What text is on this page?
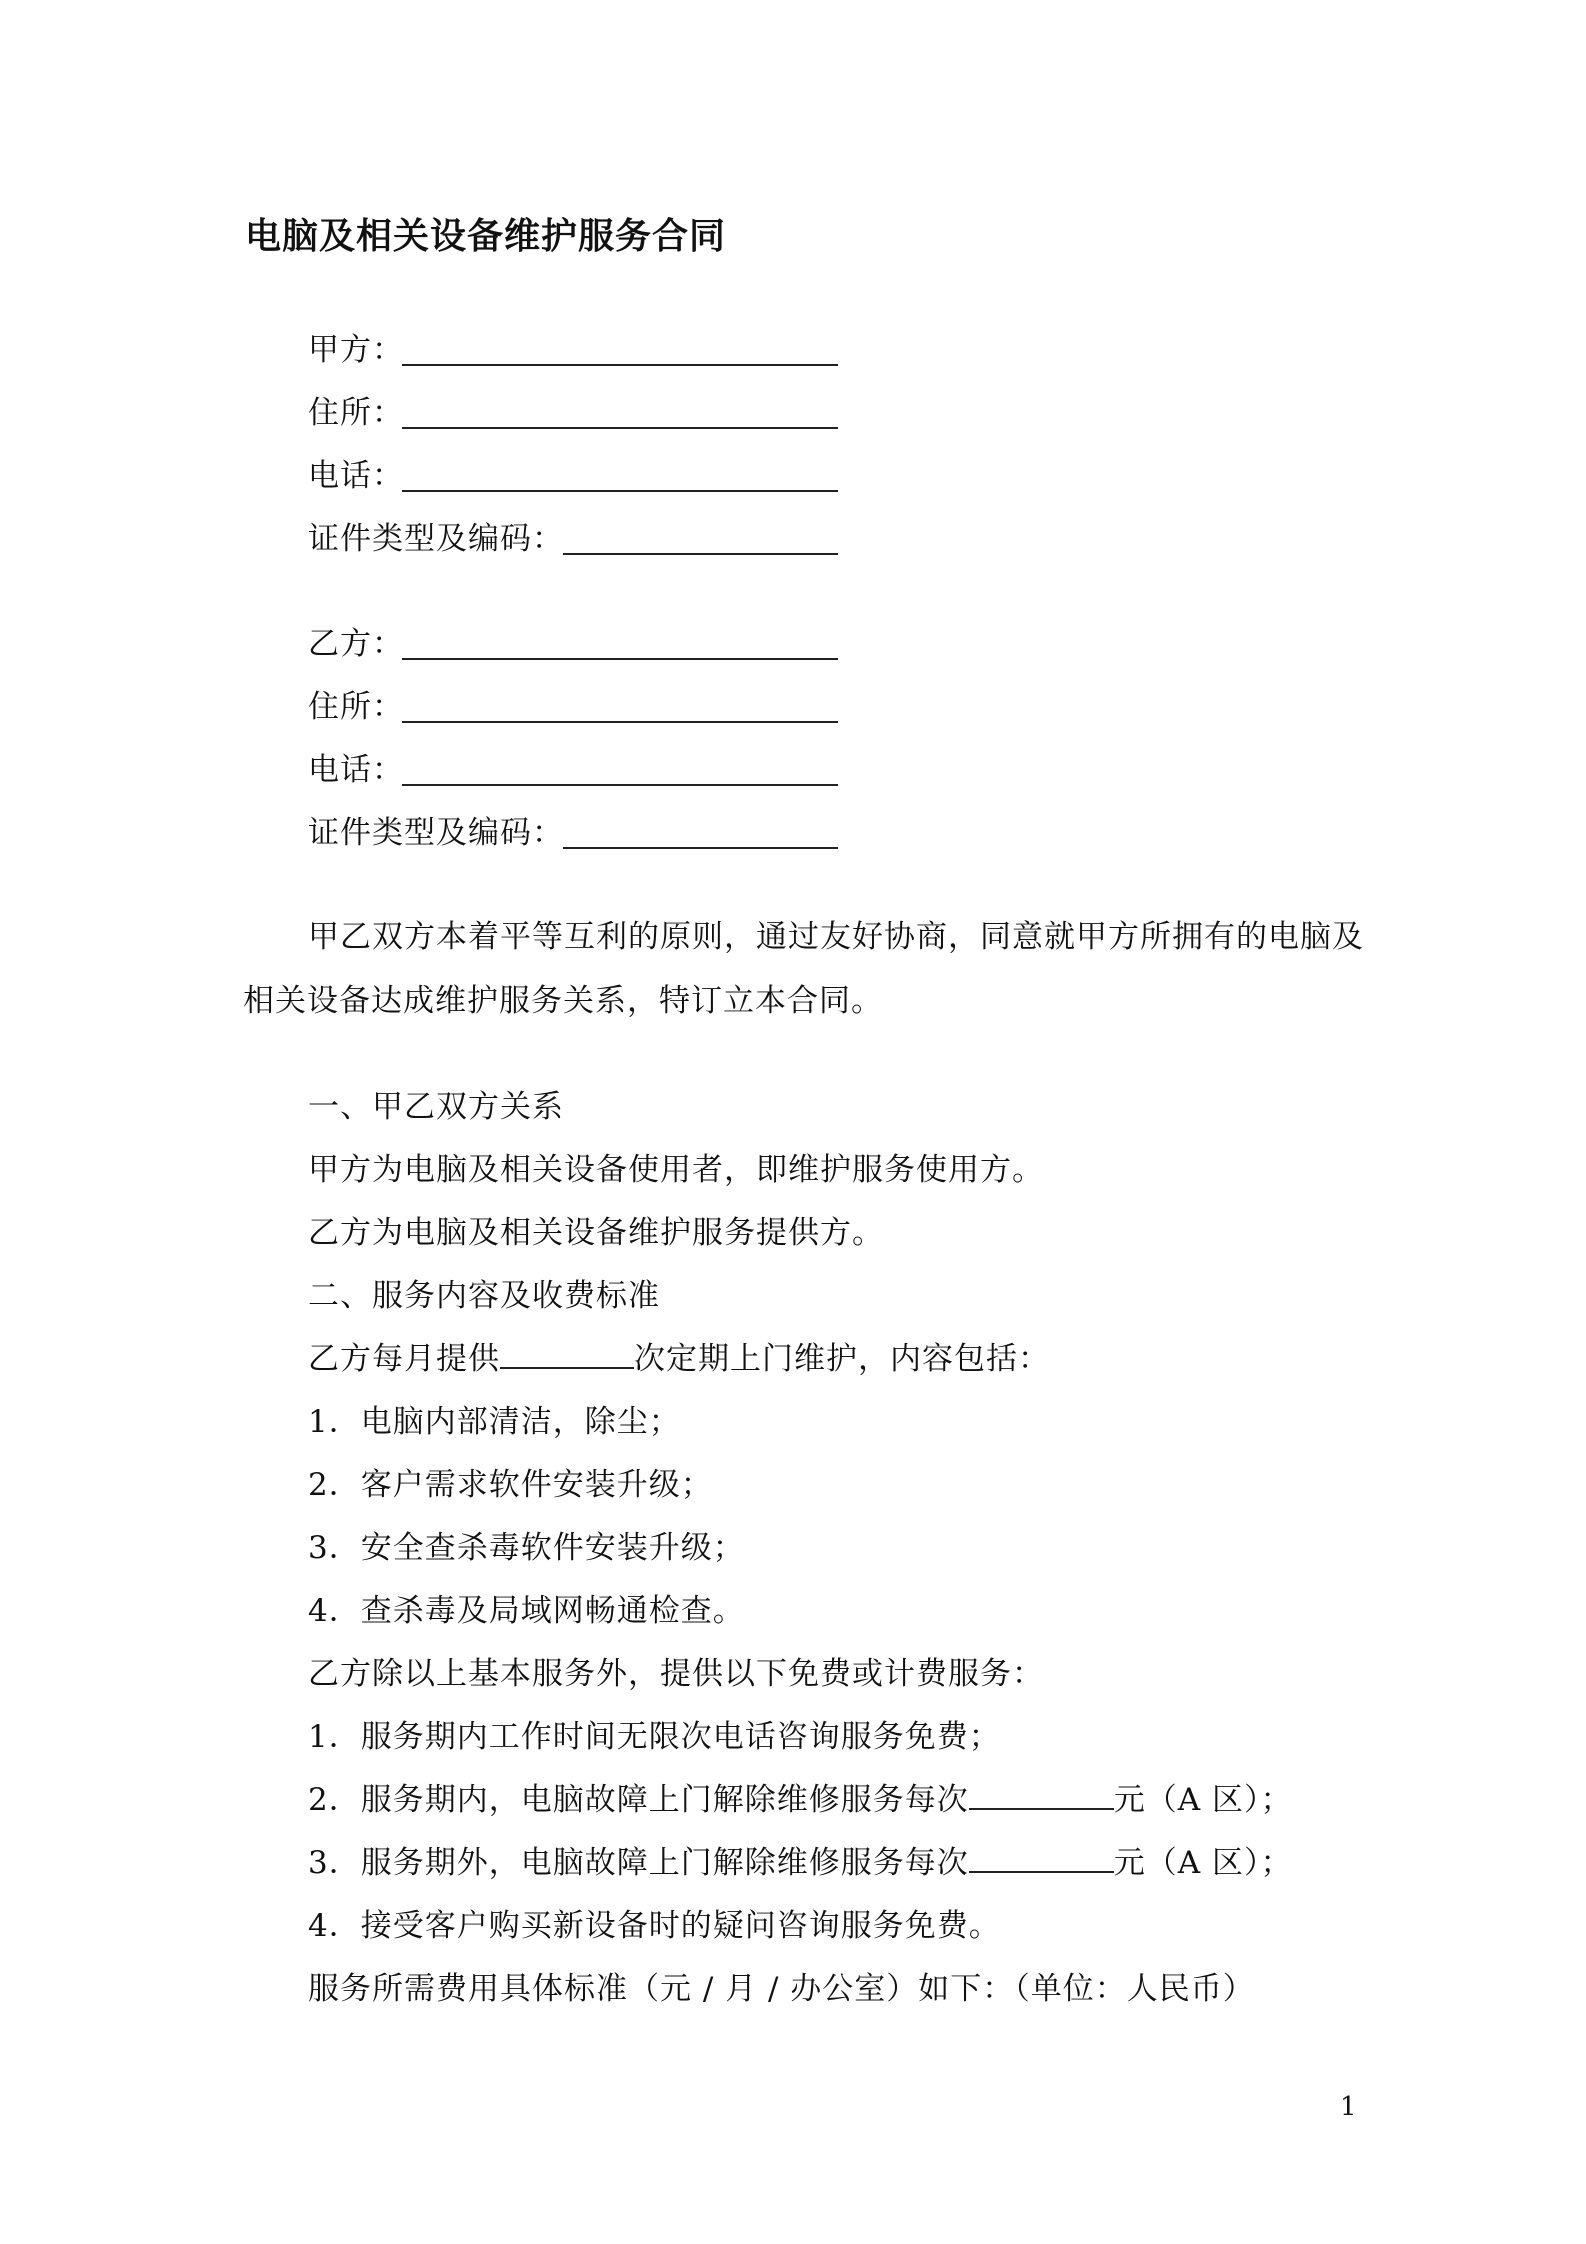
电脑及相关设备维护服务合同
甲方：
住所：
电话：
证件类型及编码：
乙方：
住所：
电话：
证件类型及编码：
甲乙双方本着平等互利的原则，通过友好协商，同意就甲方所拥有的电脑及
相关设备达成维护服务关系，特订立本合同。
一、甲乙双方关系
甲方为电脑及相关设备使用者，即维护服务使用方。
乙方为电脑及相关设备维护服务提供方。
二、服务内容及收费标准
乙方每月提供	次定期上门维护，内容包括：
1．电脑内部清洁，除尘；
2．客户需求软件安装升级；
3．安全查杀毒软件安装升级；
4．查杀毒及局域网畅通检查。
乙方除以上基本服务外，提供以下免费或计费服务：
1．服务期内工作时间无限次电话咨询服务免费；
2．服务期内，电脑故障上门解除维修服务每次	元（A 区）；
3．服务期外，电脑故障上门解除维修服务每次	元（A 区）；
4．接受客户购买新设备时的疑问咨询服务免费。
服务所需费用具体标准（元 / 月 / 办公室）如下：（单位：人民币）
1
